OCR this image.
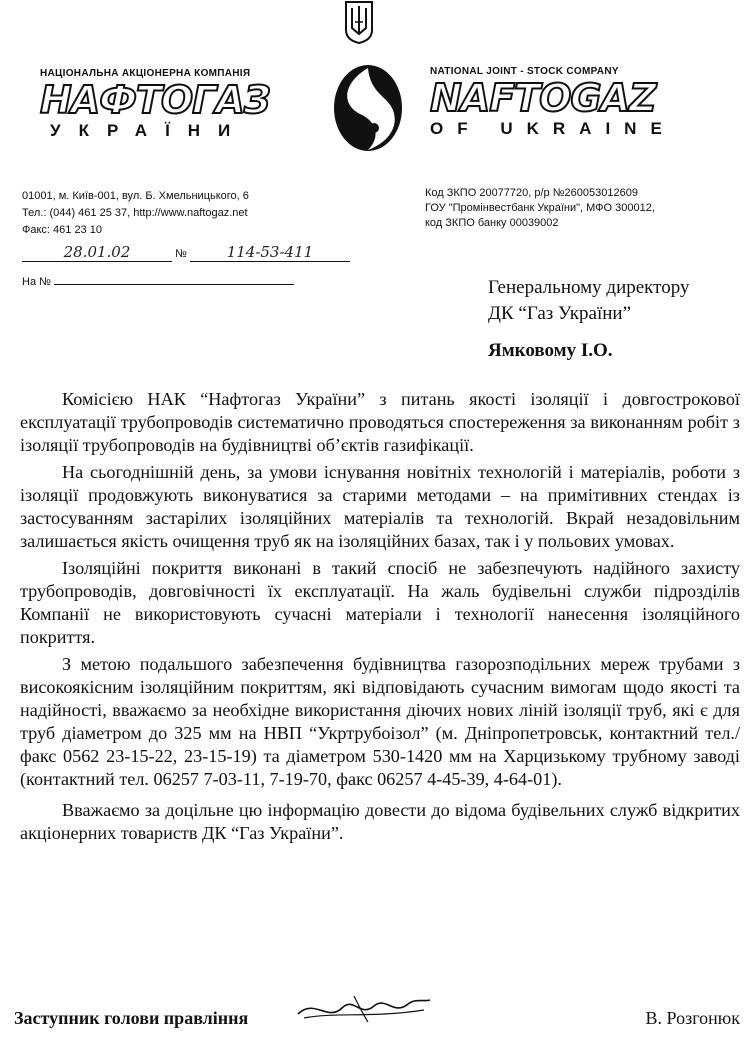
НАЦІОНАЛЬНА АКЦІОНЕРНА КОМПАНІЯ
НАФТОГАЗ
УКРАЇНИ
NATIONAL JOINT - STOCK COMPANY
NAFTOGAZ
OF UKRAINE
01001, м. Київ-001, вул. Б. Хмельницького, 6
Тел.: (044) 461 25 37, http://www.naftogaz.net
Факс: 461 23 10
Код ЗКПО 20077720, р/р №260053012609
ГОУ "Промінвестбанк України", МФО 300012,
код ЗКПО банку 00039002
28.01.02	№	114-53-411
На №	Генеральному директору
ДК “Газ України”
Ямковому І.О.

Комісією НАК “Нафтогаз України” з питань якості ізоляції і довгострокової експлуатації трубопроводів систематично проводяться спостереження за виконанням робіт з ізоляції трубопроводів на будівництві об’єктів газифікації.

На сьогоднішній день, за умови існування новітніх технологій і матеріалів, роботи з ізоляції продовжують виконуватися за старими методами – на примітивних стендах із застосуванням застарілих ізоляційних матеріалів та технологій. Вкрай незадовільним залишається якість очищення труб як на ізоляційних базах, так і у польових умовах.

Ізоляційні покриття виконані в такий спосіб не забезпечують надійного захисту трубопроводів, довговічності їх експлуатації. На жаль будівельні служби підрозділів Компанії не використовують сучасні матеріали і технології нанесення ізоляційного покриття.

З метою подальшого забезпечення будівництва газорозподільних мереж трубами з високоякісним ізоляційним покриттям, які відповідають сучасним вимогам щодо якості та надійності, вважаємо за необхідне використання діючих нових ліній ізоляції труб, які є для труб діаметром до 325 мм на НВП “Укртрубоізол” (м. Дніпропетровськ, контактний тел./факс 0562 23-15-22, 23-15-19) та діаметром 530-1420 мм на Харцизькому трубному заводі (контактний тел. 06257 7-03-11, 7-19-70, факс 06257 4-45-39, 4-64-01).

Вважаємо за доцільне цю інформацію довести до відома будівельних служб відкритих акціонерних товариств ДК “Газ України”.

Заступник голови правління	В. Розгонюк
